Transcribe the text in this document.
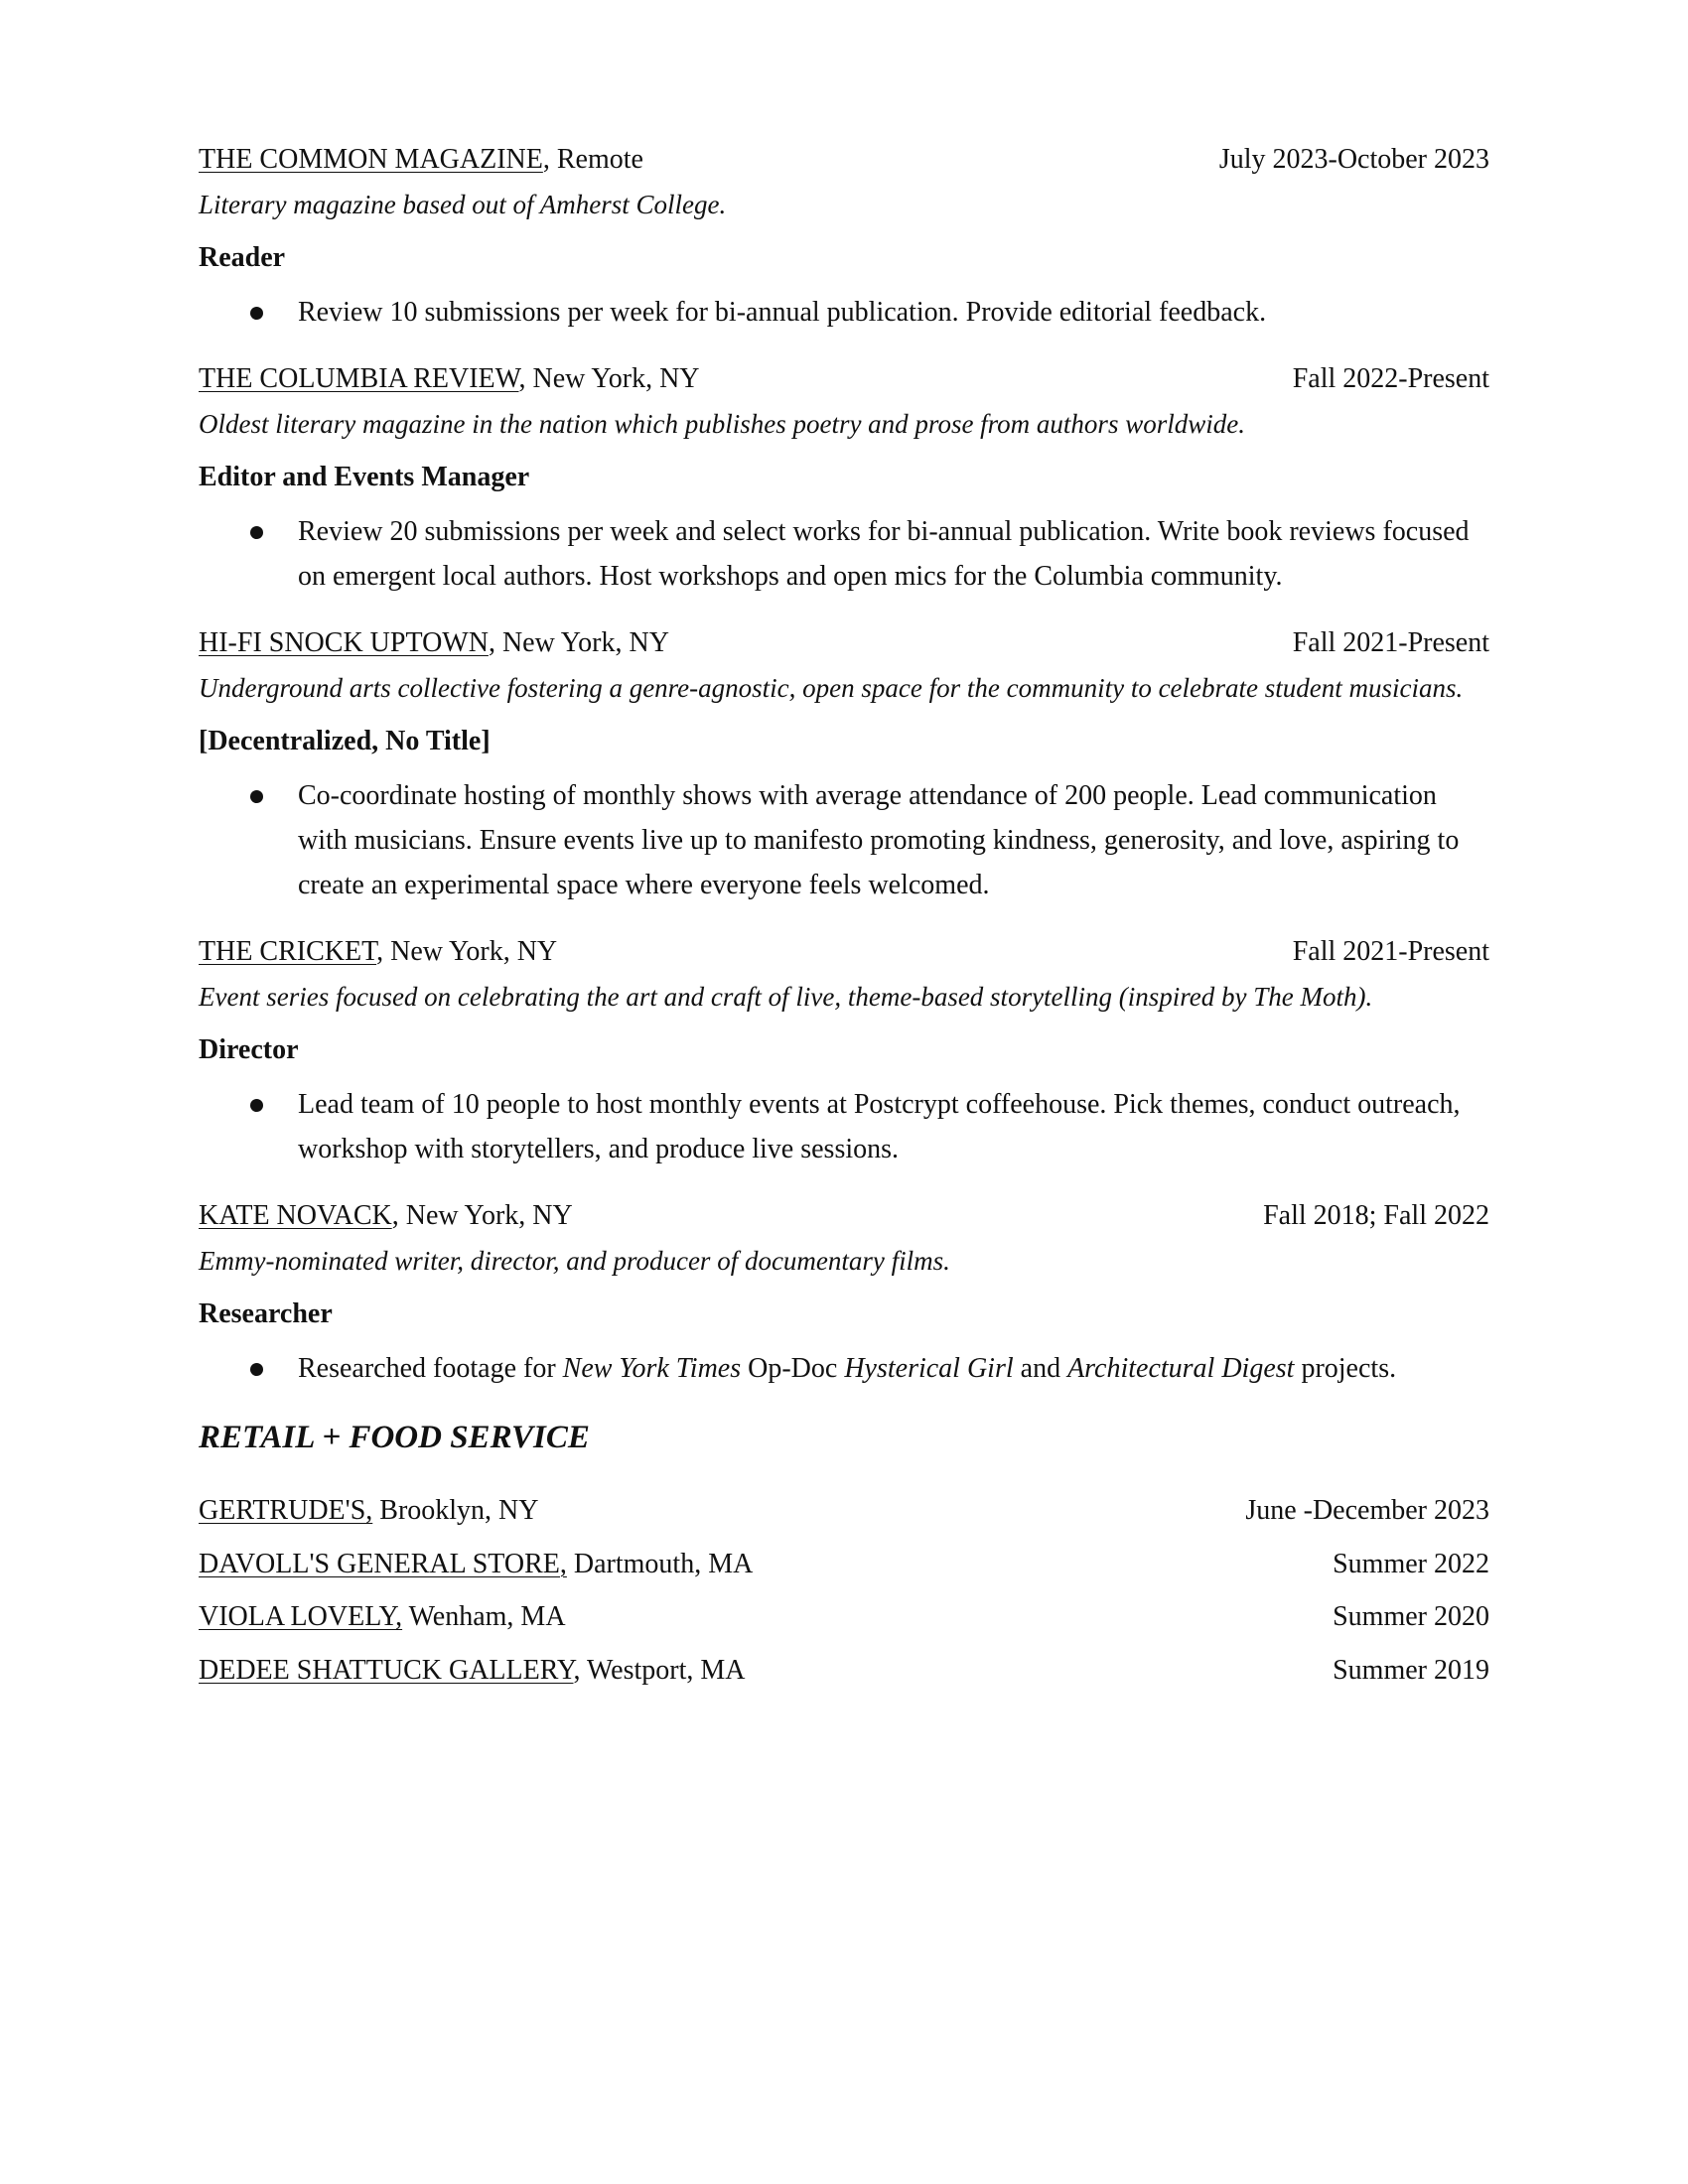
THE COMMON MAGAZINE, Remote	July 2023-October 2023
Literary magazine based out of Amherst College.
Reader
Review 10 submissions per week for bi-annual publication. Provide editorial feedback.
THE COLUMBIA REVIEW, New York, NY	Fall 2022-Present
Oldest literary magazine in the nation which publishes poetry and prose from authors worldwide.
Editor and Events Manager
Review 20 submissions per week and select works for bi-annual publication. Write book reviews focused on emergent local authors. Host workshops and open mics for the Columbia community.
HI-FI SNOCK UPTOWN, New York, NY	Fall 2021-Present
Underground arts collective fostering a genre-agnostic, open space for the community to celebrate student musicians.
[Decentralized, No Title]
Co-coordinate hosting of monthly shows with average attendance of 200 people. Lead communication with musicians. Ensure events live up to manifesto promoting kindness, generosity, and love, aspiring to create an experimental space where everyone feels welcomed.
THE CRICKET, New York, NY	Fall 2021-Present
Event series focused on celebrating the art and craft of live, theme-based storytelling (inspired by The Moth).
Director
Lead team of 10 people to host monthly events at Postcrypt coffeehouse. Pick themes, conduct outreach, workshop with storytellers, and produce live sessions.
KATE NOVACK, New York, NY	Fall 2018; Fall 2022
Emmy-nominated writer, director, and producer of documentary films.
Researcher
Researched footage for New York Times Op-Doc Hysterical Girl and Architectural Digest projects.
RETAIL + FOOD SERVICE
GERTRUDE'S, Brooklyn, NY	June -December 2023
DAVOLL'S GENERAL STORE, Dartmouth, MA	Summer 2022
VIOLA LOVELY, Wenham, MA	Summer 2020
DEDEE SHATTUCK GALLERY, Westport, MA	Summer 2019
